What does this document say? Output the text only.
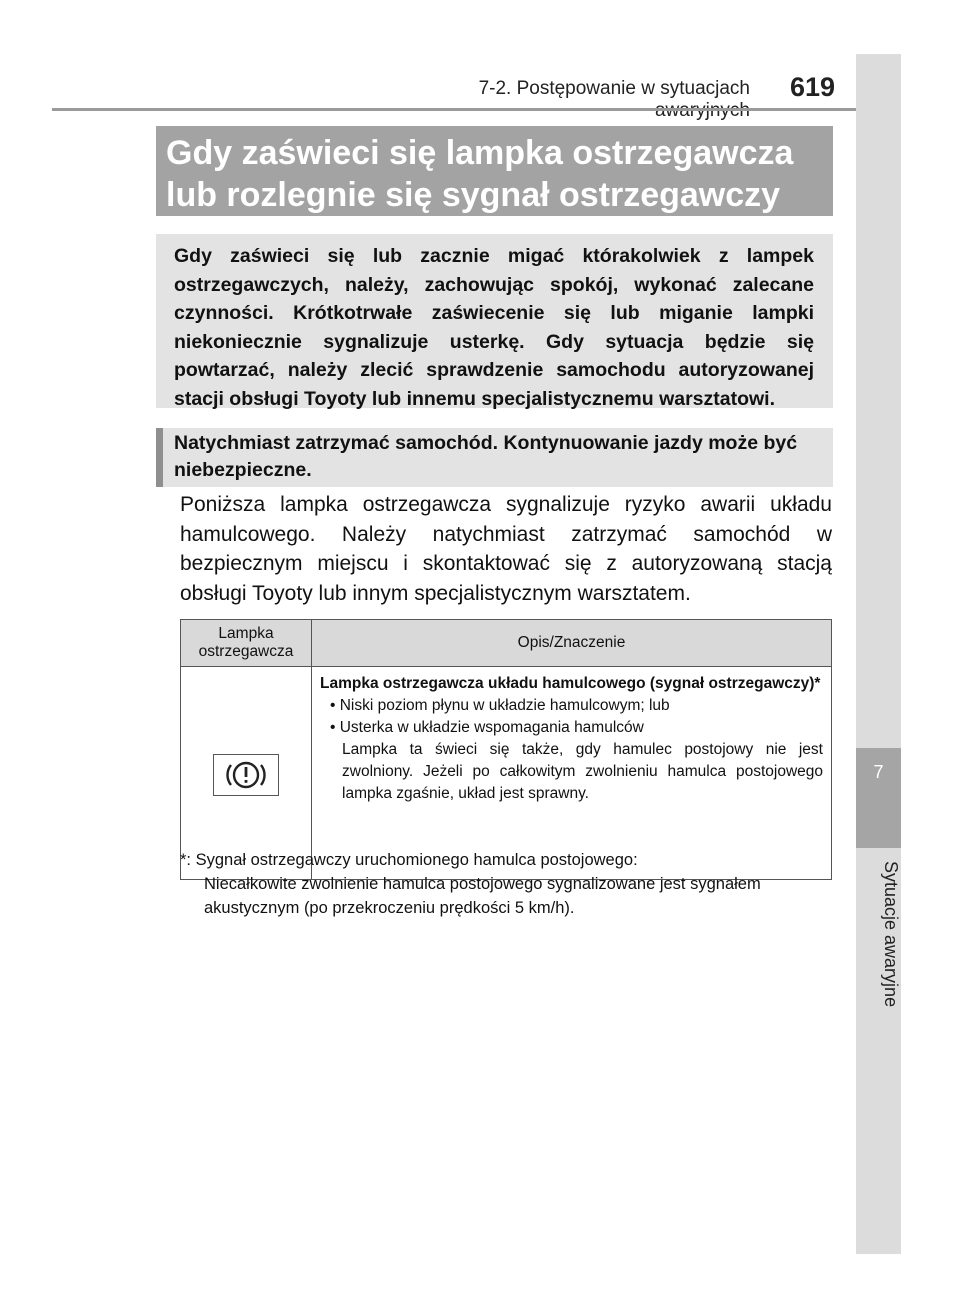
7
Sytuacje awaryjne
7-2. Postępowanie w sytuacjach 619
Gdy zaświeci się lampka ostrzegawcza lub rozlegnie się sygnał ostrzegawczy
Gdy zaświeci się lub zacznie migać którakolwiek z lampek ostrzegawczych, należy, zachowując spokój, wykonać zalecane czynności. Krótkotrwałe zaświecenie się lub miganie lampki niekoniecznie sygnalizuje usterkę. Gdy sytuacja będzie się powtarzać, należy zlecić sprawdzenie samochodu autoryzowanej stacji obsługi Toyoty lub innemu specjalistycznemu warsztatowi.
Natychmiast zatrzymać samochód. Kontynuowanie jazdy może być niebezpieczne.
Poniższa lampka ostrzegawcza sygnalizuje ryzyko awarii układu hamulcowego. Należy natychmiast zatrzymać samochód w bezpiecznym miejscu i skontaktować się z autoryzowaną stacją obsługi Toyoty lub innym specjalistycznym warsztatem.
Lampka ostrzegawcza	Opis/Znaczenie

Lampka ostrzegawcza układu hamulcowego (sygnał ostrzegawczy)*
• Niski poziom płynu w układzie hamulcowym; lub
• Usterka w układzie wspomagania hamulców
Lampka ta świeci się także, gdy hamulec postojowy nie jest zwolniony. Jeżeli po całkowitym zwolnieniu hamulca postojowego lampka zgaśnie, układ jest sprawny.
*: Sygnał ostrzegawczy uruchomionego hamulca postojowego:
Niecałkowite zwolnienie hamulca postojowego sygnalizowane jest sygnałem akustycznym (po przekroczeniu prędkości 5 km/h).
